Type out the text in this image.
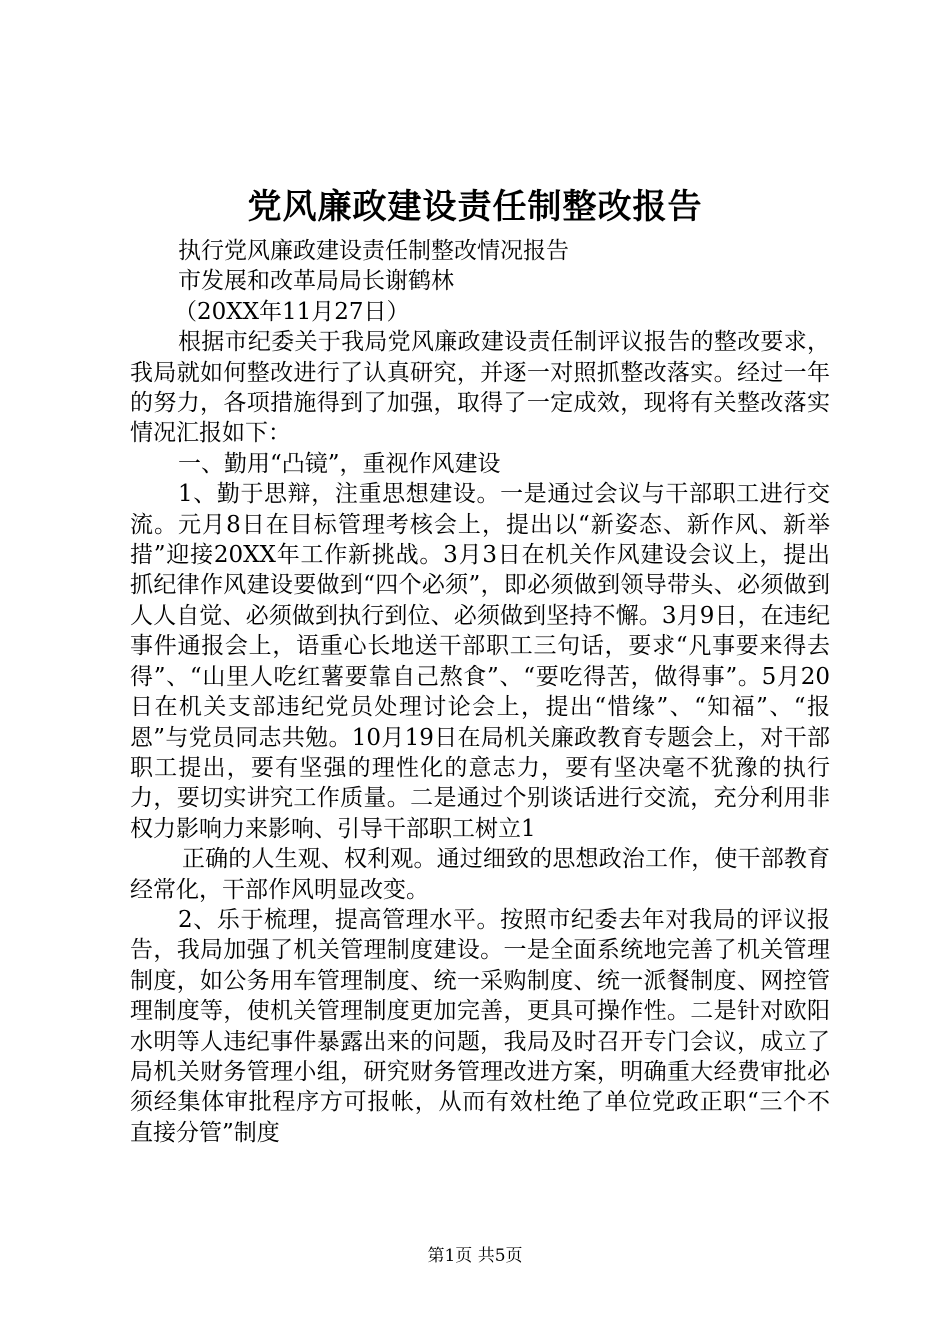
党风廉政建设责任制整改报告

执行党风廉政建设责任制整改情况报告

市发展和改革局局长谢鹤林

（20XX年11月27日）

根据市纪委关于我局党风廉政建设责任制评议报告的整改要求，我局就如何整改进行了认真研究，并逐一对照抓整改落实。经过一年的努力，各项措施得到了加强，取得了一定成效，现将有关整改落实情况汇报如下：

一、勤用“凸镜”，重视作风建设

1、勤于思辩，注重思想建设。一是通过会议与干部职工进行交流。元月8日在目标管理考核会上，提出以“新姿态、新作风、新举措”迎接20XX年工作新挑战。3月3日在机关作风建设会议上，提出抓纪律作风建设要做到“四个必须”，即必须做到领导带头、必须做到人人自觉、必须做到执行到位、必须做到坚持不懈。3月9日，在违纪事件通报会上，语重心长地送干部职工三句话，要求“凡事要来得去得”、“山里人吃红薯要靠自己熬食”、“要吃得苦，做得事”。5月20日在机关支部违纪党员处理讨论会上，提出“惜缘”、“知福”、“报恩”与党员同志共勉。10月19日在局机关廉政教育专题会上，对干部职工提出，要有坚强的理性化的意志力，要有坚决毫不犹豫的执行力，要切实讲究工作质量。二是通过个别谈话进行交流，充分利用非权力影响力来影响、引导干部职工树立1

正确的人生观、权利观。通过细致的思想政治工作，使干部教育经常化，干部作风明显改变。

2、乐于梳理，提高管理水平。按照市纪委去年对我局的评议报告，我局加强了机关管理制度建设。一是全面系统地完善了机关管理制度，如公务用车管理制度、统一采购制度、统一派餐制度、网控管理制度等，使机关管理制度更加完善，更具可操作性。二是针对欧阳水明等人违纪事件暴露出来的问题，我局及时召开专门会议，成立了局机关财务管理小组，研究财务管理改进方案，明确重大经费审批必须经集体审批程序方可报帐，从而有效杜绝了单位党政正职“三个不直接分管”制度

第1页 共5页
